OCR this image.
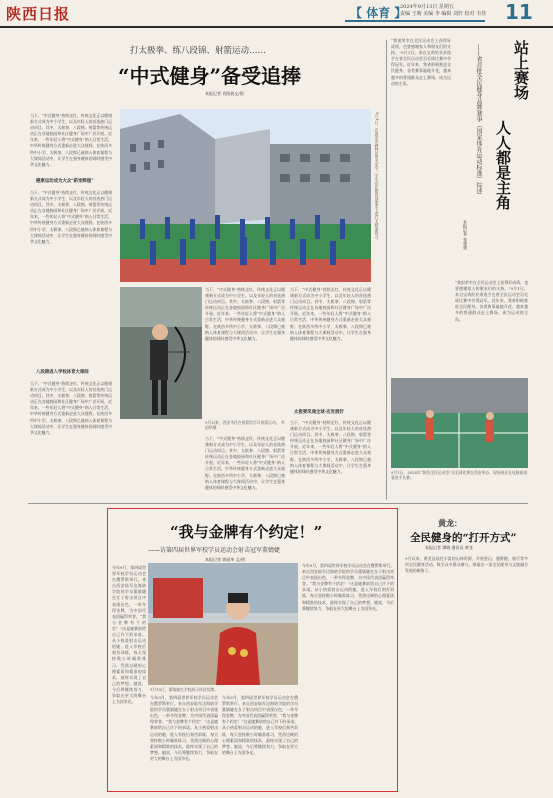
陕西日报	【 体育 】
2024年9月13日 星期五
责编 王晴 美编 李 编辑 刘轩 校对 韦佳 11
打太极拳、练八段锦、射箭运动……
“中式健身”备受追捧
本报记者 肖阳倩文/图
当下，“中式健身”持续走红，传统文化正以健康新方式成为中小学生、以及年轻人的首选热门运动项目。其中，太极拳、八段锦、射箭等传统运动正在各地校园和社区健身广场中广泛开展。近年来，一些年轻人将“中式健身”纳入日常生活，中华传统健身方式重新走进大众视野。在陕西多所中小学，太极拳、八段锦已被纳入体育课程与大课间活动中，让学生在强身健体的同时感受中华文化魅力。
健康运动成为大众“新宠辉煌”
当下，“中式健身”持续走红，传统文化正以健康新方式成为中小学生、以及年轻人的首选热门运动项目。其中，太极拳、八段锦、射箭等传统运动正在各地校园和社区健身广场中广泛开展。近年来，一些年轻人将“中式健身”纳入日常生活，中华传统健身方式重新走进大众视野。在陕西多所中小学，太极拳、八段锦已被纳入体育课程与大课间活动中，让学生在强身健体的同时感受中华文化魅力。
八段锦进入学校体育大课间
当下，“中式健身”持续走红，传统文化正以健康新方式成为中小学生、以及年轻人的首选热门运动项目。其中，太极拳、八段锦、射箭等传统运动正在各地校园和社区健身广场中广泛开展。近年来，一些年轻人将“中式健身”纳入日常生活，中华传统健身方式重新走进大众视野。在陕西多所中小学，太极拳、八段锦已被纳入体育课程与大课间活动中，让学生在强身健体的同时感受中华文化魅力。
9月1日，在西安市碑林区南关中学，学生们在教育部要求下进行太极拳练习。
9月以来，西安市民在射箭馆学习射箭运动。 李国华摄
当下，“中式健身”持续走红，传统文化正以健康新方式成为中小学生、以及年轻人的首选热门运动项目。其中，太极拳、八段锦、射箭等传统运动正在各地校园和社区健身广场中广泛开展。近年来，一些年轻人将“中式健身”纳入日常生活，中华传统健身方式重新走进大众视野。在陕西多所中小学，太极拳、八段锦已被纳入体育课程与大课间活动中，让学生在强身健体的同时感受中华文化魅力。
当下，“中式健身”持续走红，传统文化正以健康新方式成为中小学生、以及年轻人的首选热门运动项目。其中，太极拳、八段锦、射箭等传统运动正在各地校园和社区健身广场中广泛开展。近年来，一些年轻人将“中式健身”纳入日常生活，中华传统健身方式重新走进大众视野。在陕西多所中小学，太极拳、八段锦已被纳入体育课程与大课间活动中，让学生在强身健体的同时感受中华文化魅力。
太极要凤通全球·应发展好
当下，“中式健身”持续走红，传统文化正以健康新方式成为中小学生、以及年轻人的首选热门运动项目。其中，太极拳、八段锦、射箭等传统运动正在各地校园和社区健身广场中广泛开展。近年来，一些年轻人将“中式健身”纳入日常生活，中华传统健身方式重新走进大众视野。在陕西多所中小学，太极拳、八段锦已被纳入体育课程与大课间活动中，让学生在强身健体的同时感受中华文化魅力。
当下，“中式健身”持续走红，传统文化正以健康新方式成为中小学生、以及年轻人的首选热门运动项目。其中，太极拳、八段锦、射箭等传统运动正在各地校园和社区健身广场中广泛开展。近年来，一些年轻人将“中式健身”纳入日常生活，中华传统健身方式重新走进大众视野。在陕西多所中小学，太极拳、八段锦已被纳入体育课程与大课间活动中，让学生在强身健体的同时感受中华文化魅力。
“我很荣幸在全民运动会上获得好成绩，也要感谢家人和朋友们的支持。”9月1日，来自宝鸡的业余选手在省全民运动会羽毛球比赛中夺得冠军。近年来，我省积极推进全民健身，各类赛事遍地开花，越来越多的普通群众走上赛场，成为运动的主角。	站上赛场
人人都是主角
——省首批全民健身品牌赛事（国家体育运动标准）综述
本报记者 张骏骏
“我很荣幸在全民运动会上获得好成绩，也要感谢家人和朋友们的支持。”9月1日，来自宝鸡的业余选手在省全民运动会羽毛球比赛中夺得冠军。近年来，我省积极推进全民健身，各类赛事遍地开花，越来越多的普通群众走上赛场，成为运动的主角。
9月1日，2024年“陕西全民运动会”羽毛球比赛在西安举办，现场观众在电脑前观看选手比赛。
黄龙：
全民健身的“打开方式”
本报记者 谭晓 通讯员 黄龙
9月以来，黄龙县依托丰富的山林资源，开展登山、越野跑、骑行等多项全民健身活动，吸引众多群众参与，探索出一条全民健身与文旅融合发展的新路子。
“我与金牌有个约定！”
——访第四届世界军校学员运动会射击冠军董婧婕
本报记者 郭丽华 文/图
今年9月，第四届世界军校学员运动会在俄罗斯举行。来自西安陆军边海防学院的学员董婧婕在女子射击项目中表现出色，一举夺得金牌，为中国代表团赢得荣誉。“我与金牌有个约定！”这是她赛前给自己许下的承诺。从小热爱射击运动的她，进入军校后刻苦训练，每天坚持数小时瞄准练习，凭借过硬的心理素质和精准的技术，最终实现了自己的梦想。她说，今后将继续努力，争取在更大的舞台上为国争光。
9月10日，董婧婕在学校展示所获奖牌。
今年9月，第四届世界军校学员运动会在俄罗斯举行。来自西安陆军边海防学院的学员董婧婕在女子射击项目中表现出色，一举夺得金牌，为中国代表团赢得荣誉。“我与金牌有个约定！”这是她赛前给自己许下的承诺。从小热爱射击运动的她，进入军校后刻苦训练，每天坚持数小时瞄准练习，凭借过硬的心理素质和精准的技术，最终实现了自己的梦想。她说，今后将继续努力，争取在更大的舞台上为国争光。
今年9月，第四届世界军校学员运动会在俄罗斯举行。来自西安陆军边海防学院的学员董婧婕在女子射击项目中表现出色，一举夺得金牌，为中国代表团赢得荣誉。“我与金牌有个约定！”这是她赛前给自己许下的承诺。从小热爱射击运动的她，进入军校后刻苦训练，每天坚持数小时瞄准练习，凭借过硬的心理素质和精准的技术，最终实现了自己的梦想。她说，今后将继续努力，争取在更大的舞台上为国争光。
今年9月，第四届世界军校学员运动会在俄罗斯举行。来自西安陆军边海防学院的学员董婧婕在女子射击项目中表现出色，一举夺得金牌，为中国代表团赢得荣誉。“我与金牌有个约定！”这是她赛前给自己许下的承诺。从小热爱射击运动的她，进入军校后刻苦训练，每天坚持数小时瞄准练习，凭借过硬的心理素质和精准的技术，最终实现了自己的梦想。她说，今后将继续努力，争取在更大的舞台上为国争光。
